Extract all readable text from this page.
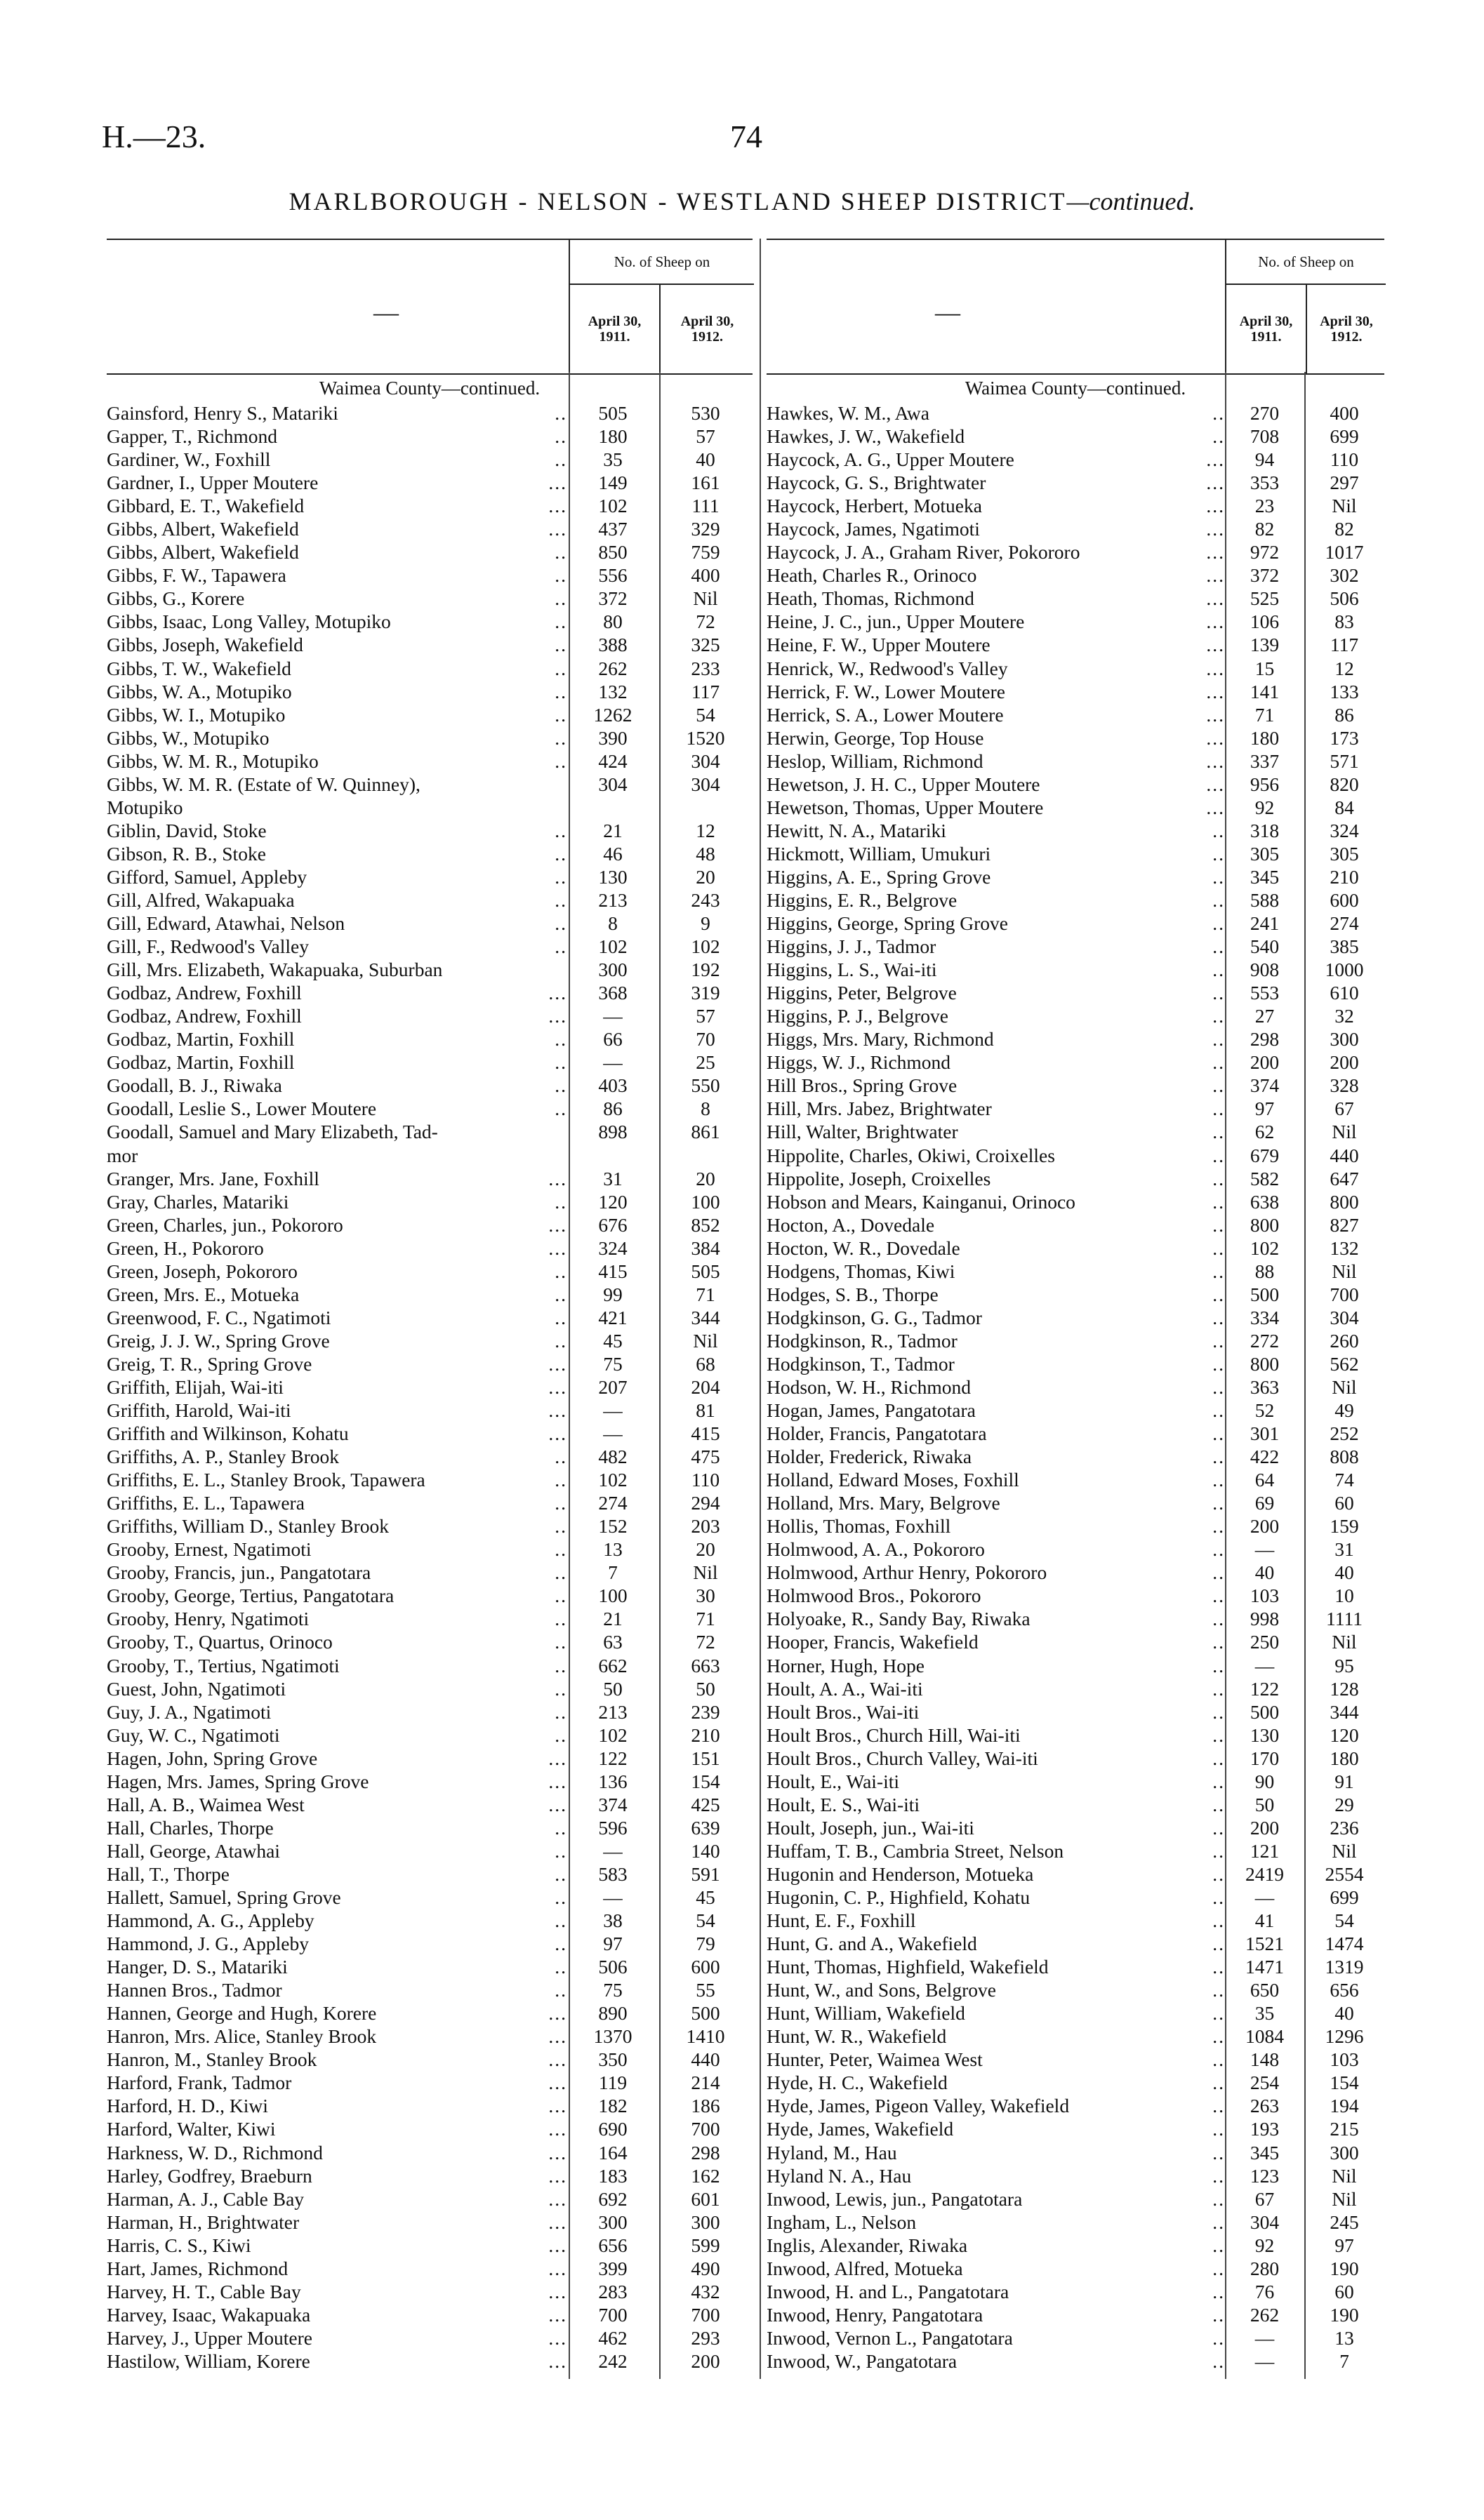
H.—23.	74
MARLBOROUGH - NELSON - WESTLAND SHEEP DISTRICT—continued.
—
No. of Sheep on
April 30,
1911.
April 30,
1912.
Waimea County—continued.
Gainsford, Henry S., Matariki	..	505	530
Gapper, T., Richmond	..	180	57
Gardiner, W., Foxhill	..	35	40
Gardner, I., Upper Moutere	...	149	161
Gibbard, E. T., Wakefield	...	102	111
Gibbs, Albert, Wakefield	...	437	329
Gibbs, Albert, Wakefield	..	850	759
Gibbs, F. W., Tapawera	..	556	400
Gibbs, G., Korere	..	372	Nil
Gibbs, Isaac, Long Valley, Motupiko	..	80	72
Gibbs, Joseph, Wakefield	..	388	325
Gibbs, T. W., Wakefield	..	262	233
Gibbs, W. A., Motupiko	..	132	117
Gibbs, W. I., Motupiko	..	1262	54
Gibbs, W., Motupiko	..	390	1520
Gibbs, W. M. R., Motupiko	..	424	304
Gibbs, W. M. R. (Estate of W. Quinney),	304	304
Motupiko
Giblin, David, Stoke	..	21	12
Gibson, R. B., Stoke	..	46	48
Gifford, Samuel, Appleby	..	130	20
Gill, Alfred, Wakapuaka	..	213	243
Gill, Edward, Atawhai, Nelson	..	8	9
Gill, F., Redwood's Valley	..	102	102
Gill, Mrs. Elizabeth, Wakapuaka, Suburban	300	192
Godbaz, Andrew, Foxhill	...	368	319
Godbaz, Andrew, Foxhill	...	—	57
Godbaz, Martin, Foxhill	..	66	70
Godbaz, Martin, Foxhill	..	—	25
Goodall, B. J., Riwaka	..	403	550
Goodall, Leslie S., Lower Moutere	..	86	8
Goodall, Samuel and Mary Elizabeth, Tad-	898	861
mor
Granger, Mrs. Jane, Foxhill	...	31	20
Gray, Charles, Matariki	..	120	100
Green, Charles, jun., Pokororo	...	676	852
Green, H., Pokororo	...	324	384
Green, Joseph, Pokororo	..	415	505
Green, Mrs. E., Motueka	..	99	71
Greenwood, F. C., Ngatimoti	..	421	344
Greig, J. J. W., Spring Grove	..	45	Nil
Greig, T. R., Spring Grove	...	75	68
Griffith, Elijah, Wai-iti	...	207	204
Griffith, Harold, Wai-iti	...	—	81
Griffith and Wilkinson, Kohatu	...	—	415
Griffiths, A. P., Stanley Brook	..	482	475
Griffiths, E. L., Stanley Brook, Tapawera	..	102	110
Griffiths, E. L., Tapawera	..	274	294
Griffiths, William D., Stanley Brook	..	152	203
Grooby, Ernest, Ngatimoti	..	13	20
Grooby, Francis, jun., Pangatotara	..	7	Nil
Grooby, George, Tertius, Pangatotara	..	100	30
Grooby, Henry, Ngatimoti	..	21	71
Grooby, T., Quartus, Orinoco	..	63	72
Grooby, T., Tertius, Ngatimoti	..	662	663
Guest, John, Ngatimoti	..	50	50
Guy, J. A., Ngatimoti	..	213	239
Guy, W. C., Ngatimoti	..	102	210
Hagen, John, Spring Grove	...	122	151
Hagen, Mrs. James, Spring Grove	...	136	154
Hall, A. B., Waimea West	...	374	425
Hall, Charles, Thorpe	..	596	639
Hall, George, Atawhai	..	—	140
Hall, T., Thorpe	..	583	591
Hallett, Samuel, Spring Grove	..	—	45
Hammond, A. G., Appleby	..	38	54
Hammond, J. G., Appleby	..	97	79
Hanger, D. S., Matariki	..	506	600
Hannen Bros., Tadmor	..	75	55
Hannen, George and Hugh, Korere	...	890	500
Hanron, Mrs. Alice, Stanley Brook	...	1370	1410
Hanron, M., Stanley Brook	...	350	440
Harford, Frank, Tadmor	...	119	214
Harford, H. D., Kiwi	...	182	186
Harford, Walter, Kiwi	...	690	700
Harkness, W. D., Richmond	...	164	298
Harley, Godfrey, Braeburn	...	183	162
Harman, A. J., Cable Bay	...	692	601
Harman, H., Brightwater	...	300	300
Harris, C. S., Kiwi	...	656	599
Hart, James, Richmond	...	399	490
Harvey, H. T., Cable Bay	...	283	432
Harvey, Isaac, Wakapuaka	...	700	700
Harvey, J., Upper Moutere	...	462	293
Hastilow, William, Korere	...	242	200
—
No. of Sheep on
April 30,
1911.
April 30,
1912.
Waimea County—continued.
Hawkes, W. M., Awa	..	270	400
Hawkes, J. W., Wakefield	..	708	699
Haycock, A. G., Upper Moutere	...	94	110
Haycock, G. S., Brightwater	...	353	297
Haycock, Herbert, Motueka	...	23	Nil
Haycock, James, Ngatimoti	...	82	82
Haycock, J. A., Graham River, Pokororo	...	972	1017
Heath, Charles R., Orinoco	...	372	302
Heath, Thomas, Richmond	...	525	506
Heine, J. C., jun., Upper Moutere	...	106	83
Heine, F. W., Upper Moutere	...	139	117
Henrick, W., Redwood's Valley	...	15	12
Herrick, F. W., Lower Moutere	...	141	133
Herrick, S. A., Lower Moutere	...	71	86
Herwin, George, Top House	...	180	173
Heslop, William, Richmond	...	337	571
Hewetson, J. H. C., Upper Moutere	...	956	820
Hewetson, Thomas, Upper Moutere	...	92	84
Hewitt, N. A., Matariki	..	318	324
Hickmott, William, Umukuri	..	305	305
Higgins, A. E., Spring Grove	..	345	210
Higgins, E. R., Belgrove	..	588	600
Higgins, George, Spring Grove	..	241	274
Higgins, J. J., Tadmor	..	540	385
Higgins, L. S., Wai-iti	..	908	1000
Higgins, Peter, Belgrove	..	553	610
Higgins, P. J., Belgrove	..	27	32
Higgs, Mrs. Mary, Richmond	..	298	300
Higgs, W. J., Richmond	..	200	200
Hill Bros., Spring Grove	..	374	328
Hill, Mrs. Jabez, Brightwater	..	97	67
Hill, Walter, Brightwater	..	62	Nil
Hippolite, Charles, Okiwi, Croixelles	..	679	440
Hippolite, Joseph, Croixelles	..	582	647
Hobson and Mears, Kainganui, Orinoco	..	638	800
Hocton, A., Dovedale	..	800	827
Hocton, W. R., Dovedale	..	102	132
Hodgens, Thomas, Kiwi	..	88	Nil
Hodges, S. B., Thorpe	..	500	700
Hodgkinson, G. G., Tadmor	..	334	304
Hodgkinson, R., Tadmor	..	272	260
Hodgkinson, T., Tadmor	..	800	562
Hodson, W. H., Richmond	..	363	Nil
Hogan, James, Pangatotara	..	52	49
Holder, Francis, Pangatotara	..	301	252
Holder, Frederick, Riwaka	..	422	808
Holland, Edward Moses, Foxhill	..	64	74
Holland, Mrs. Mary, Belgrove	..	69	60
Hollis, Thomas, Foxhill	..	200	159
Holmwood, A. A., Pokororo	..	—	31
Holmwood, Arthur Henry, Pokororo	..	40	40
Holmwood Bros., Pokororo	..	103	10
Holyoake, R., Sandy Bay, Riwaka	..	998	1111
Hooper, Francis, Wakefield	..	250	Nil
Horner, Hugh, Hope	..	—	95
Hoult, A. A., Wai-iti	..	122	128
Hoult Bros., Wai-iti	..	500	344
Hoult Bros., Church Hill, Wai-iti	..	130	120
Hoult Bros., Church Valley, Wai-iti	..	170	180
Hoult, E., Wai-iti	..	90	91
Hoult, E. S., Wai-iti	..	50	29
Hoult, Joseph, jun., Wai-iti	..	200	236
Huffam, T. B., Cambria Street, Nelson	..	121	Nil
Hugonin and Henderson, Motueka	..	2419	2554
Hugonin, C. P., Highfield, Kohatu	..	—	699
Hunt, E. F., Foxhill	..	41	54
Hunt, G. and A., Wakefield	..	1521	1474
Hunt, Thomas, Highfield, Wakefield	..	1471	1319
Hunt, W., and Sons, Belgrove	..	650	656
Hunt, William, Wakefield	..	35	40
Hunt, W. R., Wakefield	..	1084	1296
Hunter, Peter, Waimea West	..	148	103
Hyde, H. C., Wakefield	..	254	154
Hyde, James, Pigeon Valley, Wakefield	..	263	194
Hyde, James, Wakefield	..	193	215
Hyland, M., Hau	..	345	300
Hyland N. A., Hau	..	123	Nil
Inwood, Lewis, jun., Pangatotara	..	67	Nil
Ingham, L., Nelson	..	304	245
Inglis, Alexander, Riwaka	..	92	97
Inwood, Alfred, Motueka	..	280	190
Inwood, H. and L., Pangatotara	..	76	60
Inwood, Henry, Pangatotara	..	262	190
Inwood, Vernon L., Pangatotara	..	—	13
Inwood, W., Pangatotara	..	—	7
